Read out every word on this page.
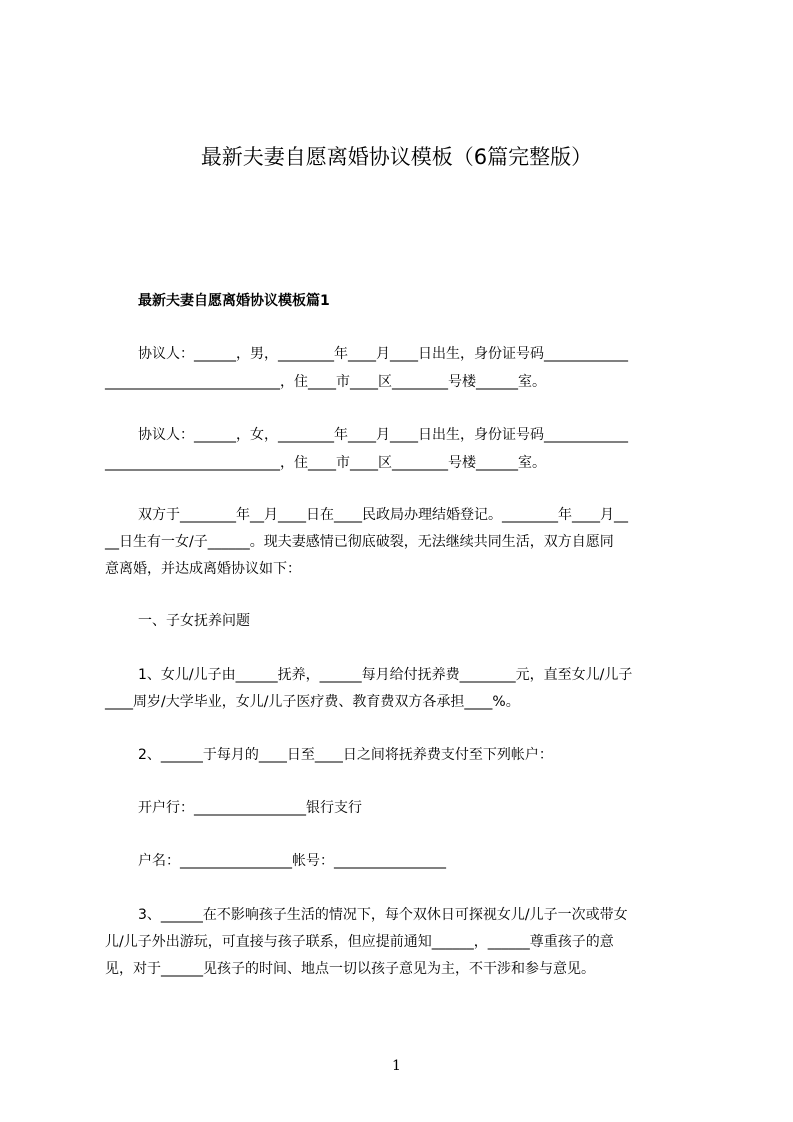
最新夫妻自愿离婚协议模板（6篇完整版）
最新夫妻自愿离婚协议模板篇1
协议人：______，男，________年____月____日出生，身份证号码____________
_________________________，住____市____区________号楼______室。
协议人：______，女，________年____月____日出生，身份证号码____________
_________________________，住____市____区________号楼______室。
双方于________年__月____日在____民政局办理结婚登记。________年____月__
__日生有一女/子______。现夫妻感情已彻底破裂，无法继续共同生活，双方自愿同
意离婚，并达成离婚协议如下：
一、子女抚养问题
1、女儿/儿子由______抚养，______每月给付抚养费________元，直至女儿/儿子
____周岁/大学毕业，女儿/儿子医疗费、教育费双方各承担____%。
2、______于每月的____日至____日之间将抚养费支付至下列帐户：
开户行：________________银行支行
户名：________________帐号：________________
3、______在不影响孩子生活的情况下，每个双休日可探视女儿/儿子一次或带女
儿/儿子外出游玩，可直接与孩子联系，但应提前通知______，______尊重孩子的意
见，对于______见孩子的时间、地点一切以孩子意见为主，不干涉和参与意见。
1
